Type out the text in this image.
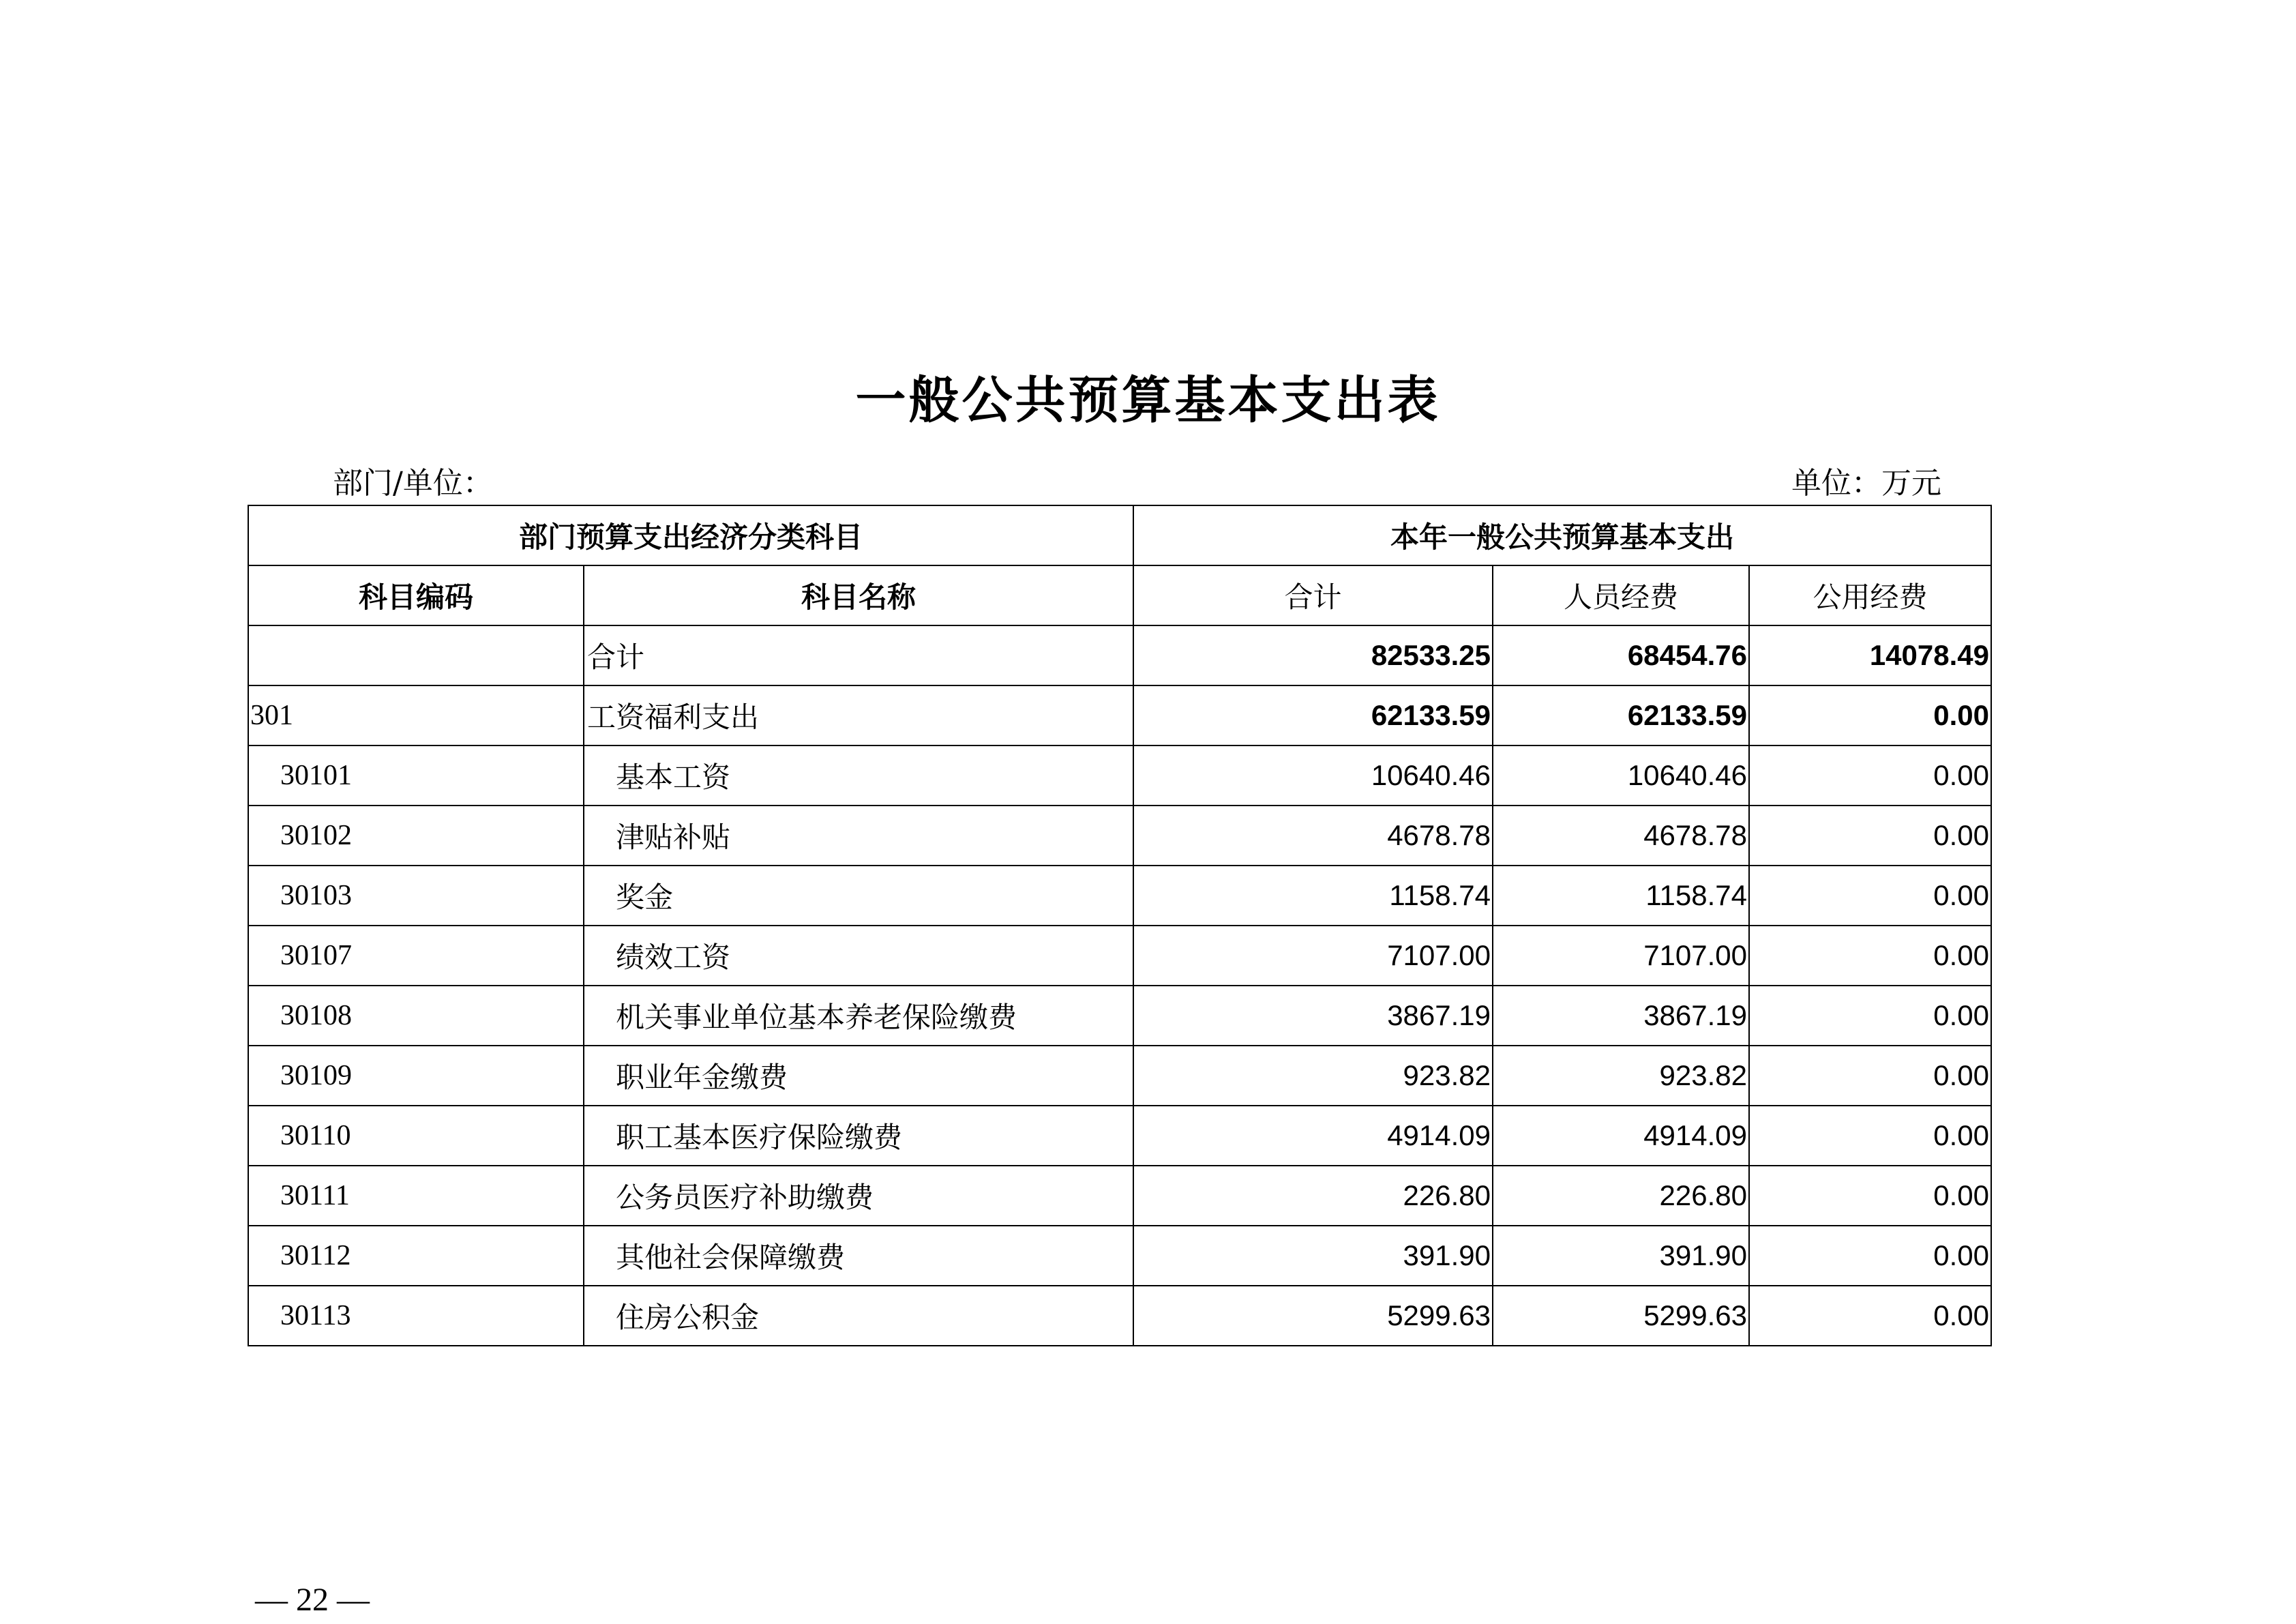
一般公共预算基本支出表
部门/单位：	单位：万元
部门预算支出经济分类科目		本年一般公共预算基本支出		
科目编码	科目名称	合计	人员经费	公用经费
	合计	82533.25	68454.76	14078.49
301	工资福利支出	62133.59	62133.59	0.00
30101	基本工资	10640.46	10640.46	0.00
30102	津贴补贴	4678.78	4678.78	0.00
30103	奖金	1158.74	1158.74	0.00
30107	绩效工资	7107.00	7107.00	0.00
30108	机关事业单位基本养老保险缴费	3867.19	3867.19	0.00
30109	职业年金缴费	923.82	923.82	0.00
30110	职工基本医疗保险缴费	4914.09	4914.09	0.00
30111	公务员医疗补助缴费	226.80	226.80	0.00
30112	其他社会保障缴费	391.90	391.90	0.00
30113	住房公积金	5299.63	5299.63	0.00
— 22 —
